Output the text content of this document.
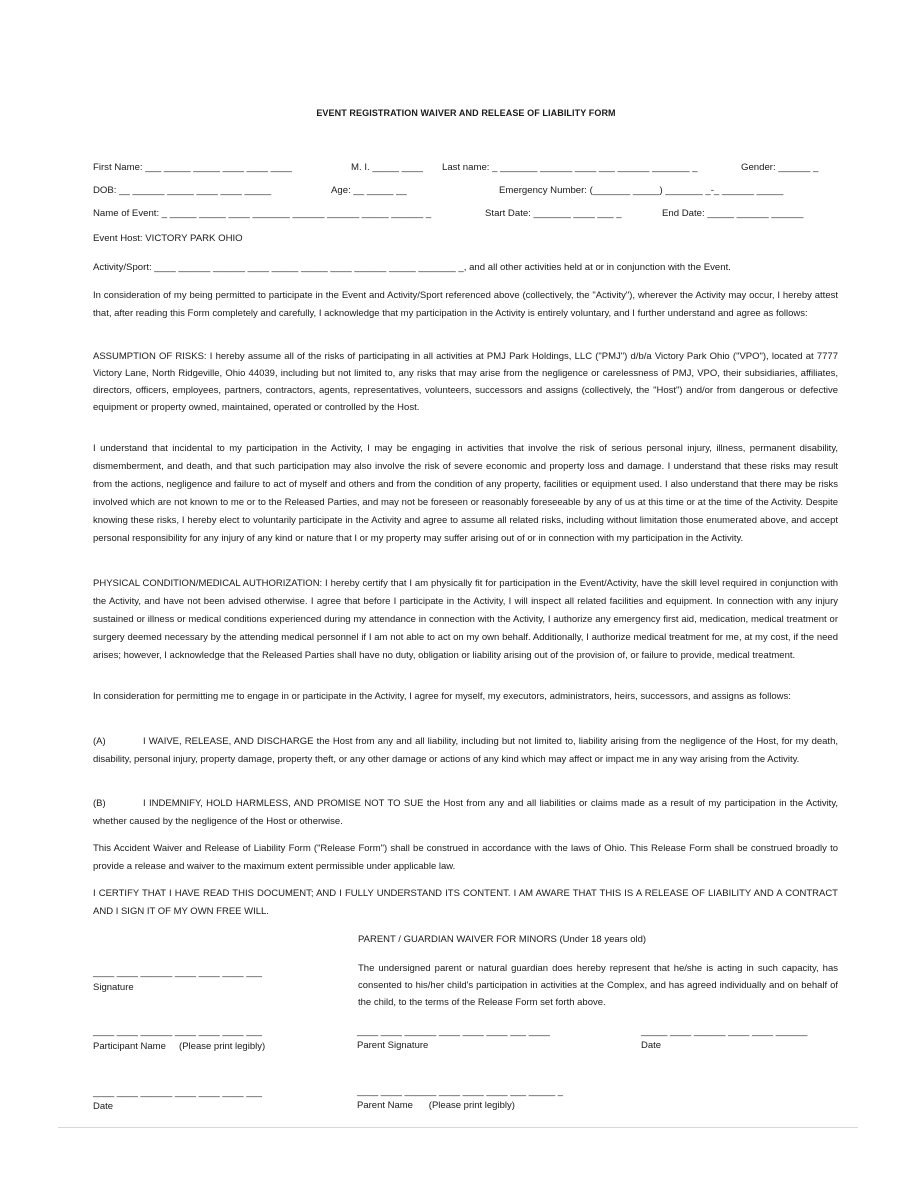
EVENT REGISTRATION WAIVER AND RELEASE OF LIABILITY FORM
First Name: ___ _____ _____ ____ ____ ____	M. I. _____ ____ Last name: _ _______ ______ ____ ___ ______ _______ _	Gender: ______ _
DOB: __ ______ _____ ____ ____ _____	Age: __ _____ __	Emergency Number: (_______ _____) _______ _-_ ______ _____
Name of Event: _ _____ _____ ____ _______ ______ ______ _____ ______ _	Start Date: _______ ____ ___ _	End Date: _____ ______ ______
Event Host: VICTORY PARK OHIO
Activity/Sport: ____ ______ ______ ____ _____ _____ ____ ______ _____ _______ _, and all other activities held at or in conjunction with the Event.
In consideration of my being permitted to participate in the Event and Activity/Sport referenced above (collectively, the "Activity"), wherever the Activity may occur, I hereby attest that, after reading this Form completely and carefully, I acknowledge that my participation in the Activity is entirely voluntary, and I further understand and agree as follows:
ASSUMPTION OF RISKS: I hereby assume all of the risks of participating in all activities at PMJ Park Holdings, LLC ("PMJ") d/b/a Victory Park Ohio ("VPO"), located at 7777 Victory Lane, North Ridgeville, Ohio 44039, including but not limited to, any risks that may arise from the negligence or carelessness of PMJ, VPO, their subsidiaries, affiliates, directors, officers, employees, partners, contractors, agents, representatives, volunteers, successors and assigns (collectively, the "Host") and/or from dangerous or defective equipment or property owned, maintained, operated or controlled by the Host.
I understand that incidental to my participation in the Activity, I may be engaging in activities that involve the risk of serious personal injury, illness, permanent disability, dismemberment, and death, and that such participation may also involve the risk of severe economic and property loss and damage. I understand that these risks may result from the actions, negligence and failure to act of myself and others and from the condition of any property, facilities or equipment used. I also understand that there may be risks involved which are not known to me or to the Released Parties, and may not be foreseen or reasonably foreseeable by any of us at this time or at the time of the Activity. Despite knowing these risks, I hereby elect to voluntarily participate in the Activity and agree to assume all related risks, including without limitation those enumerated above, and accept personal responsibility for any injury of any kind or nature that I or my property may suffer arising out of or in connection with my participation in the Activity.
PHYSICAL CONDITION/MEDICAL AUTHORIZATION: I hereby certify that I am physically fit for participation in the Event/Activity, have the skill level required in conjunction with the Activity, and have not been advised otherwise. I agree that before I participate in the Activity, I will inspect all related facilities and equipment. In connection with any injury sustained or illness or medical conditions experienced during my attendance in connection with the Activity, I authorize any emergency first aid, medication, medical treatment or surgery deemed necessary by the attending medical personnel if I am not able to act on my own behalf. Additionally, I authorize medical treatment for me, at my cost, if the need arises; however, I acknowledge that the Released Parties shall have no duty, obligation or liability arising out of the provision of, or failure to provide, medical treatment.
In consideration for permitting me to engage in or participate in the Activity, I agree for myself, my executors, administrators, heirs, successors, and assigns as follows:
(A)	I WAIVE, RELEASE, AND DISCHARGE the Host from any and all liability, including but not limited to, liability arising from the negligence of the Host, for my death, disability, personal injury, property damage, property theft, or any other damage or actions of any kind which may affect or impact me in any way arising from the Activity.
(B)	I INDEMNIFY, HOLD HARMLESS, AND PROMISE NOT TO SUE the Host from any and all liabilities or claims made as a result of my participation in the Activity, whether caused by the negligence of the Host or otherwise.
This Accident Waiver and Release of Liability Form ("Release Form") shall be construed in accordance with the laws of Ohio. This Release Form shall be construed broadly to provide a release and waiver to the maximum extent permissible under applicable law.
I CERTIFY THAT I HAVE READ THIS DOCUMENT; AND I FULLY UNDERSTAND ITS CONTENT. I AM AWARE THAT THIS IS A RELEASE OF LIABILITY AND A CONTRACT AND I SIGN IT OF MY OWN FREE WILL.
PARENT / GUARDIAN WAIVER FOR MINORS (Under 18 years old)
The undersigned parent or natural guardian does hereby represent that he/she is acting in such capacity, has consented to his/her child's participation in activities at the Complex, and has agreed individually and on behalf of the child, to the terms of the Release Form set forth above.
____ ____ ______ ____ ____ ____ ___
Signature
____ ____ ______ ____ ____ ____ ___
Participant Name     (Please print legibly)
____ ____ ______ ____ ____ ____ ___ ____
Parent Signature
_____ ____ ______ ____ ____ ______
Date
____ ____ ______ ____ ____ ____ ___
Date
____ ____ ______ ____ ____ ____ ___ _____ _
Parent Name      (Please print legibly)
